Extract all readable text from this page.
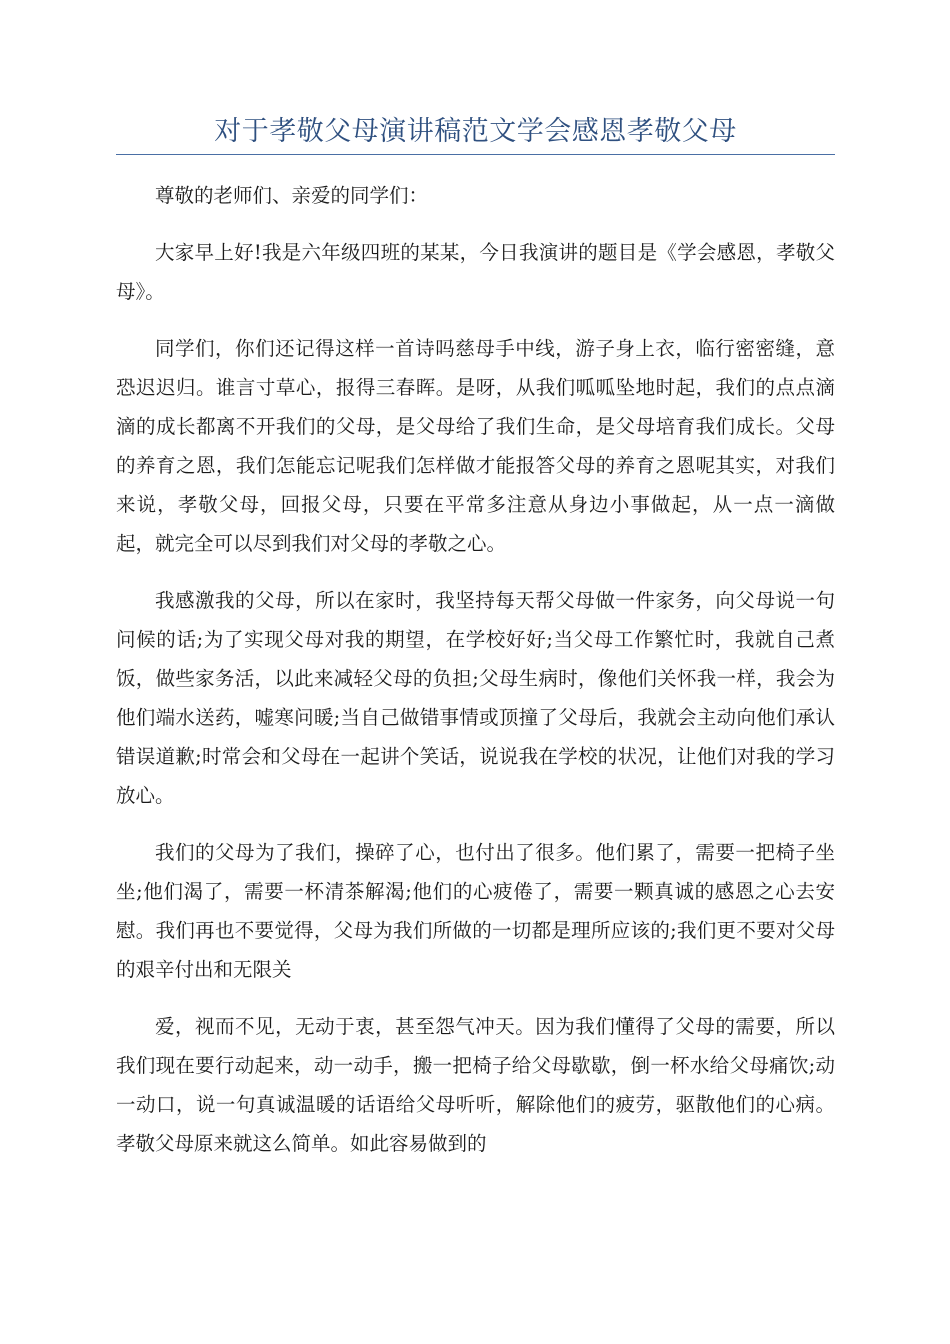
对于孝敬父母演讲稿范文学会感恩孝敬父母

尊敬的老师们、亲爱的同学们：

大家早上好!我是六年级四班的某某，今日我演讲的题目是《学会感恩，孝敬父母》。

同学们，你们还记得这样一首诗吗慈母手中线，游子身上衣，临行密密缝，意恐迟迟归。谁言寸草心，报得三春晖。是呀，从我们呱呱坠地时起，我们的点点滴滴的成长都离不开我们的父母，是父母给了我们生命，是父母培育我们成长。父母的养育之恩，我们怎能忘记呢我们怎样做才能报答父母的养育之恩呢其实，对我们来说，孝敬父母，回报父母，只要在平常多注意从身边小事做起，从一点一滴做起，就完全可以尽到我们对父母的孝敬之心。

我感激我的父母，所以在家时，我坚持每天帮父母做一件家务，向父母说一句问候的话;为了实现父母对我的期望，在学校好好;当父母工作繁忙时，我就自己煮饭，做些家务活，以此来减轻父母的负担;父母生病时，像他们关怀我一样，我会为他们端水送药，嘘寒问暖;当自己做错事情或顶撞了父母后，我就会主动向他们承认错误道歉;时常会和父母在一起讲个笑话，说说我在学校的状况，让他们对我的学习放心。

我们的父母为了我们，操碎了心，也付出了很多。他们累了，需要一把椅子坐坐;他们渴了，需要一杯清茶解渴;他们的心疲倦了，需要一颗真诚的感恩之心去安慰。我们再也不要觉得，父母为我们所做的一切都是理所应该的;我们更不要对父母的艰辛付出和无限关

爱，视而不见，无动于衷，甚至怨气冲天。因为我们懂得了父母的需要，所以我们现在要行动起来，动一动手，搬一把椅子给父母歇歇，倒一杯水给父母痛饮;动一动口，说一句真诚温暖的话语给父母听听，解除他们的疲劳，驱散他们的心病。孝敬父母原来就这么简单。如此容易做到的
